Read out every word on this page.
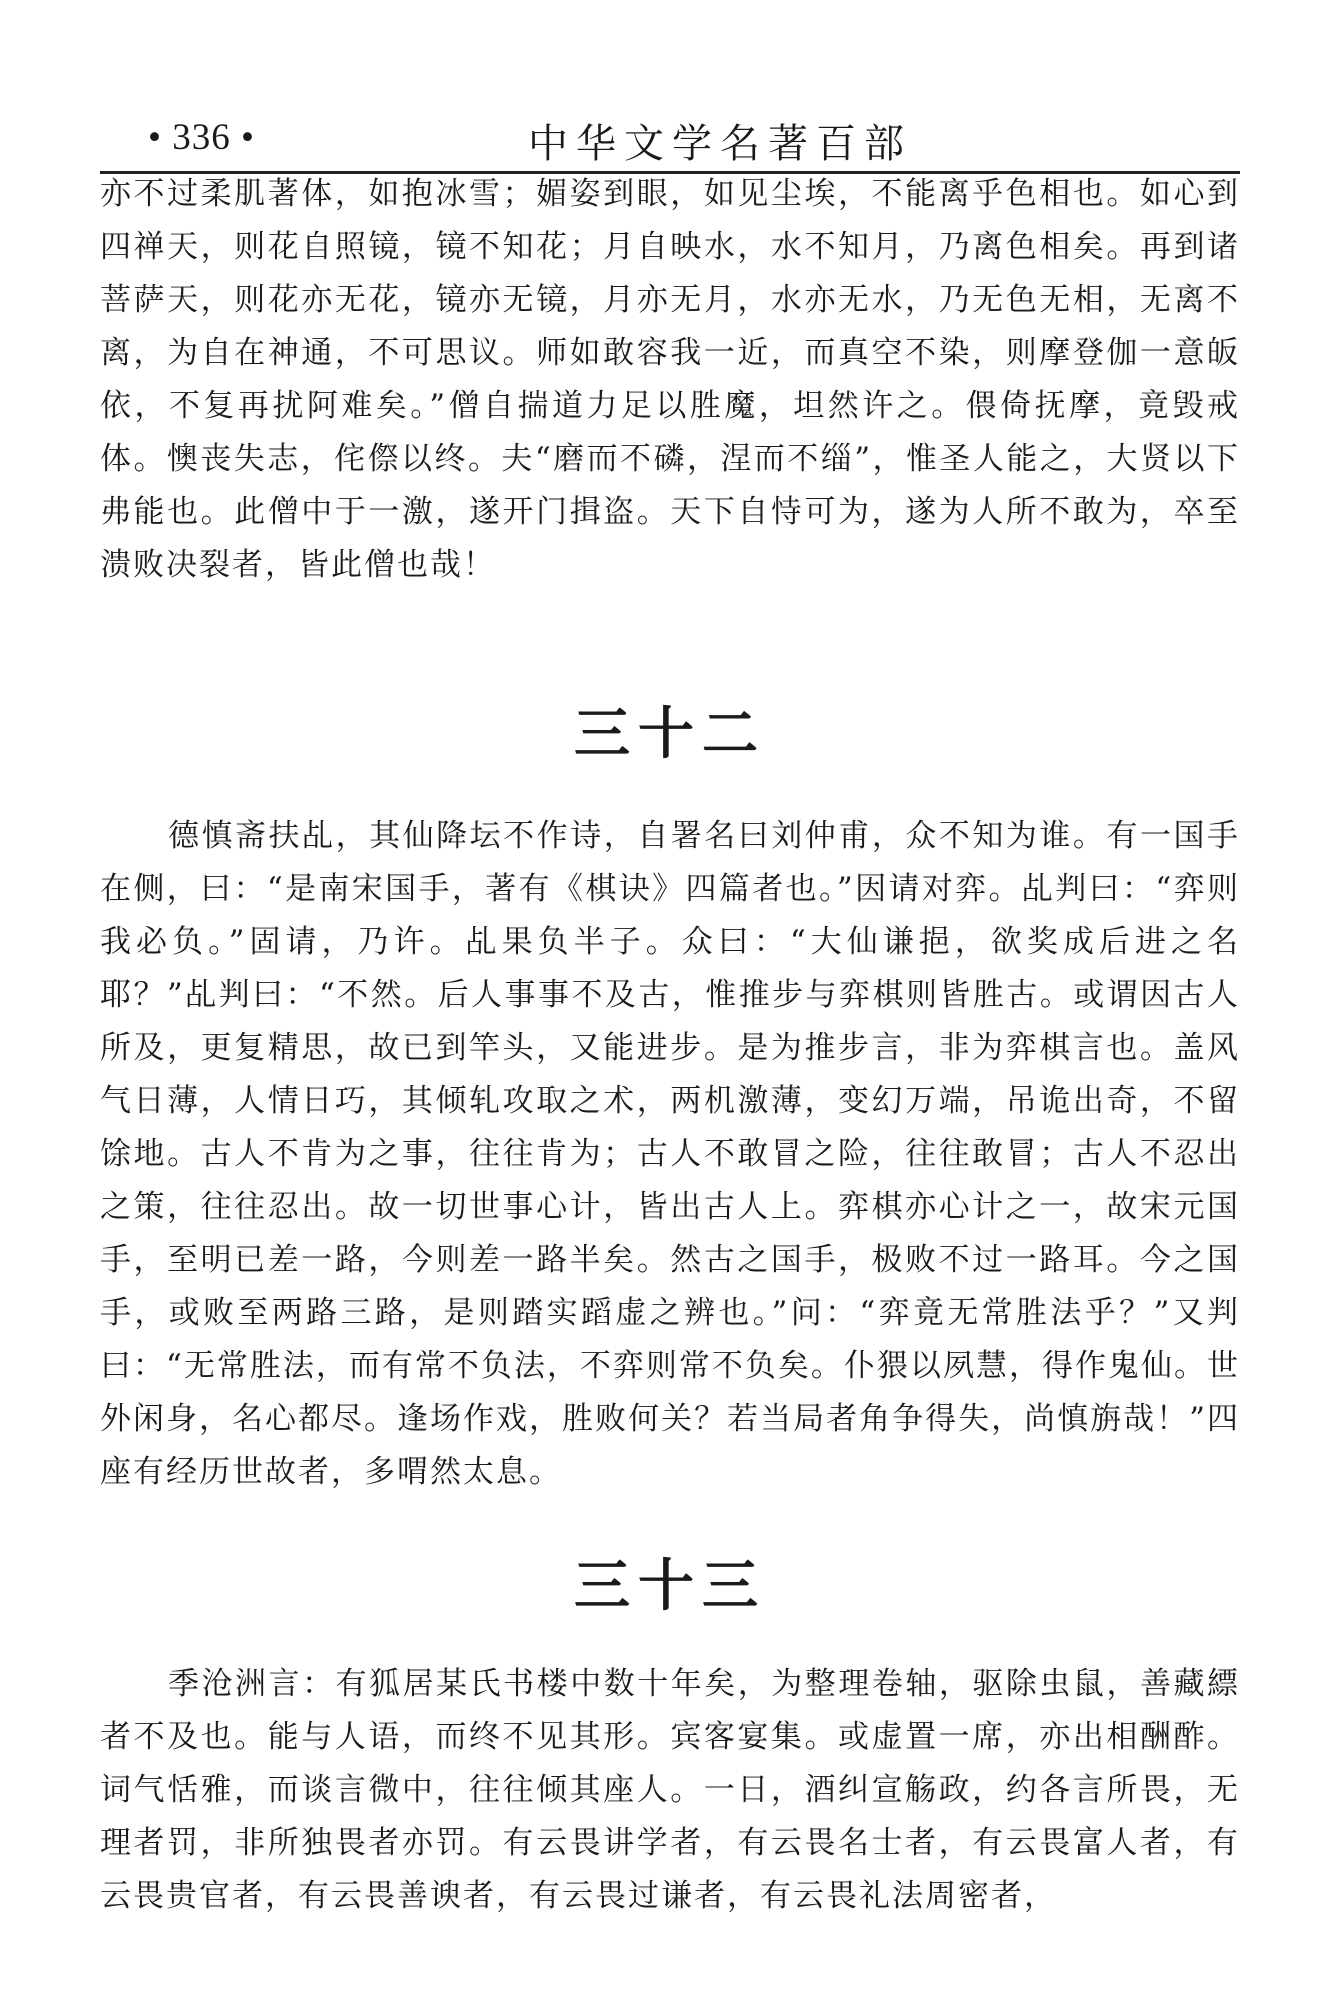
• 336 •	中华文学名著百部

亦不过柔肌著体，如抱冰雪；媚姿到眼，如见尘埃，不能离乎色相也。如心到四禅天，则花自照镜，镜不知花；月自映水，水不知月，乃离色相矣。再到诸菩萨天，则花亦无花，镜亦无镜，月亦无月，水亦无水，乃无色无相，无离不离，为自在神通，不可思议。师如敢容我一近，而真空不染，则摩登伽一意皈依，不复再扰阿难矣。”僧自揣道力足以胜魔，坦然许之。偎倚抚摩，竟毁戒体。懊丧失志，侘傺以终。夫“磨而不磷，涅而不缁”，惟圣人能之，大贤以下弗能也。此僧中于一激，遂开门揖盗。天下自恃可为，遂为人所不敢为，卒至溃败决裂者，皆此僧也哉！

三十二

德慎斋扶乩，其仙降坛不作诗，自署名曰刘仲甫，众不知为谁。有一国手在侧，曰：“是南宋国手，著有《棋诀》四篇者也。”因请对弈。乩判曰：“弈则我必负。”固请，乃许。乩果负半子。众曰：“大仙谦挹，欲奖成后进之名耶？”乩判曰：“不然。后人事事不及古，惟推步与弈棋则皆胜古。或谓因古人所及，更复精思，故已到竿头，又能进步。是为推步言，非为弈棋言也。盖风气日薄，人情日巧，其倾轧攻取之术，两机激薄，变幻万端，吊诡出奇，不留馀地。古人不肯为之事，往往肯为；古人不敢冒之险，往往敢冒；古人不忍出之策，往往忍出。故一切世事心计，皆出古人上。弈棋亦心计之一，故宋元国手，至明已差一路，今则差一路半矣。然古之国手，极败不过一路耳。今之国手，或败至两路三路，是则踏实蹈虚之辨也。”问：“弈竟无常胜法乎？”又判曰：“无常胜法，而有常不负法，不弈则常不负矣。仆猥以夙慧，得作鬼仙。世外闲身，名心都尽。逢场作戏，胜败何关？若当局者角争得失，尚慎旃哉！”四座有经历世故者，多喟然太息。

三十三

季沧洲言：有狐居某氏书楼中数十年矣，为整理卷轴，驱除虫鼠，善藏縹者不及也。能与人语，而终不见其形。宾客宴集。或虚置一席，亦出相酬酢。词气恬雅，而谈言微中，往往倾其座人。一日，酒纠宣觞政，约各言所畏，无理者罚，非所独畏者亦罚。有云畏讲学者，有云畏名士者，有云畏富人者，有云畏贵官者，有云畏善谀者，有云畏过谦者，有云畏礼法周密者，
